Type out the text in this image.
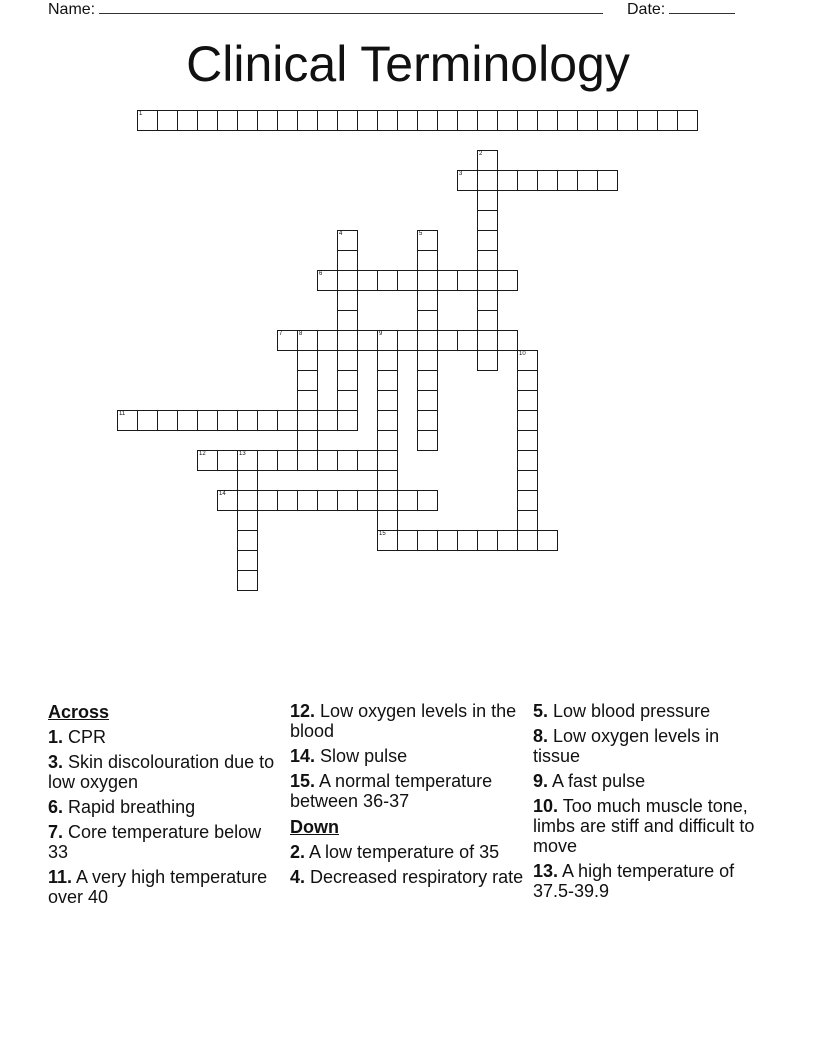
Name:	Date:
Clinical Terminology
1
2
3
4	5
6
7	8	9
10
11
12	13
14
15
Across

1. CPR

3. Skin discolouration due to low oxygen

6. Rapid breathing

7. Core temperature below 33

11. A very high temperature over 40

12. Low oxygen levels in the blood

14. Slow pulse

15. A normal temperature between 36-37

Down

2. A low temperature of 35

4. Decreased respiratory rate

5. Low blood pressure

8. Low oxygen levels in tissue

9. A fast pulse

10. Too much muscle tone, limbs are stiff and difficult to move

13. A high temperature of 37.5-39.9
